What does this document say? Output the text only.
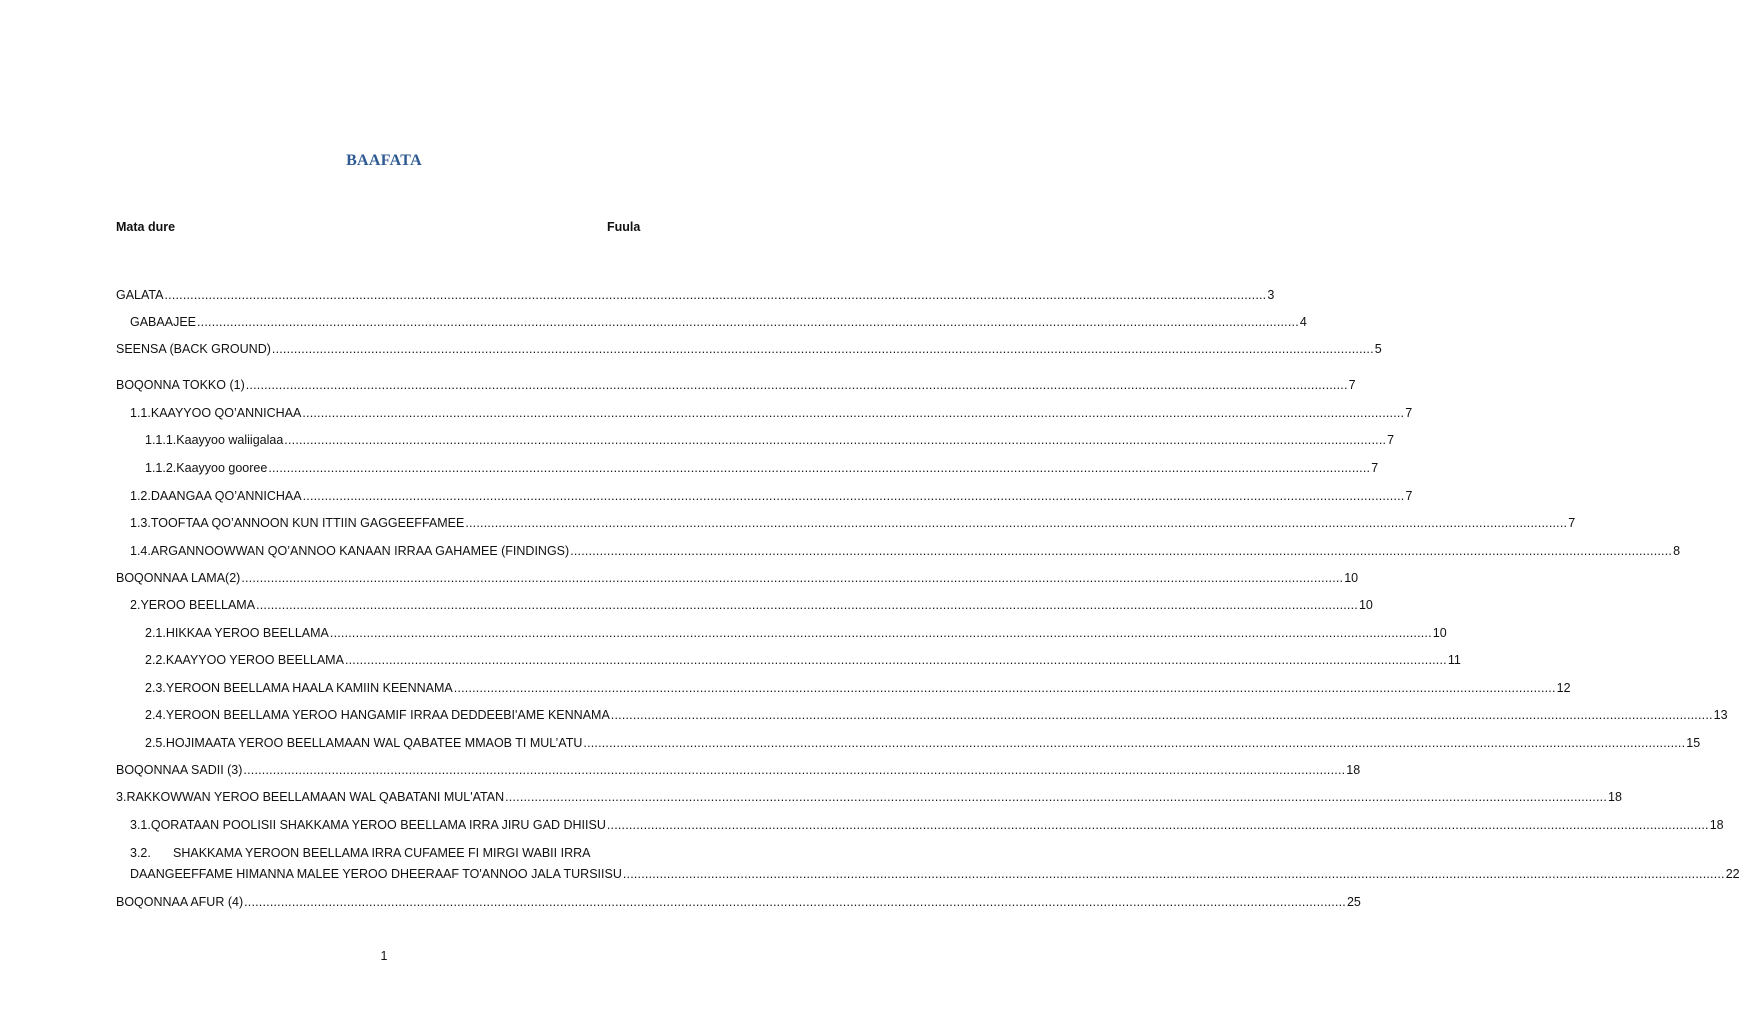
BAAFATA
Mata dure	Fuula
GALATA ............................................................................................................................................................................................................................................................................................................ 3
GABAAJEE ............................................................................................................................................................................................................................................................................................................ 4
SEENSA (BACK GROUND) ............................................................................................................................................................................................................................................................................................................ 5
BOQONNA TOKKO (1) ............................................................................................................................................................................................................................................................................................................ 7
1.1. KAAYYOO QO’ANNICHAA ............................................................................................................................................................................................................................................................................................................ 7
1.1.1. Kaayyoo waliigalaa ............................................................................................................................................................................................................................................................................................................ 7
1.1.2. Kaayyoo gooree ............................................................................................................................................................................................................................................................................................................ 7
1.2. DAANGAA QO’ANNICHAA ............................................................................................................................................................................................................................................................................................................ 7
1.3. TOOFTAA QO’ANNOON KUN ITTIIN GAGGEEFFAMEE ............................................................................................................................................................................................................................................................................................................ 7
1.4. ARGANNOOWWAN QO’ANNOO KANAAN IRRAA GAHAMEE (FINDINGS) ............................................................................................................................................................................................................................................................................................................ 8
BOQONNAA LAMA(2) ............................................................................................................................................................................................................................................................................................................ 10
2. YEROO BEELLAMA ............................................................................................................................................................................................................................................................................................................ 10
2.1. HIKKAA YEROO BEELLAMA ............................................................................................................................................................................................................................................................................................................ 10
2.2. KAAYYOO YEROO BEELLAMA ............................................................................................................................................................................................................................................................................................................ 11
2.3. YEROON BEELLAMA HAALA KAMIIN KEENNAMA ............................................................................................................................................................................................................................................................................................................ 12
2.4. YEROON BEELLAMA YEROO HANGAMIF IRRAA DEDDEEBI'AME KENNAMA ............................................................................................................................................................................................................................................................................................................ 13
2.5. HOJIMAATA YEROO BEELLAMAAN WAL QABATEE MMAOB TI MUL’ATU ............................................................................................................................................................................................................................................................................................................ 15
BOQONNAA SADII (3) ............................................................................................................................................................................................................................................................................................................ 18
3. RAKKOWWAN YEROO BEELLAMAAN WAL QABATANI MUL'ATAN ............................................................................................................................................................................................................................................................................................................ 18
3.1. QORATAAN POOLISII SHAKKAMA YEROO BEELLAMA IRRA JIRU GAD DHIISU ............................................................................................................................................................................................................................................................................................................ 18
3.2. SHAKKAMA YEROON BEELLAMA IRRA CUFAMEE FI MIRGI WABII IRRA
DAANGEEFFAME HIMANNA MALEE YEROO DHEERAAF TO'ANNOO JALA TURSIISU ............................................................................................................................................................................................................................................................................................................ 22
BOQONNAA AFUR (4) ............................................................................................................................................................................................................................................................................................................ 25
1
